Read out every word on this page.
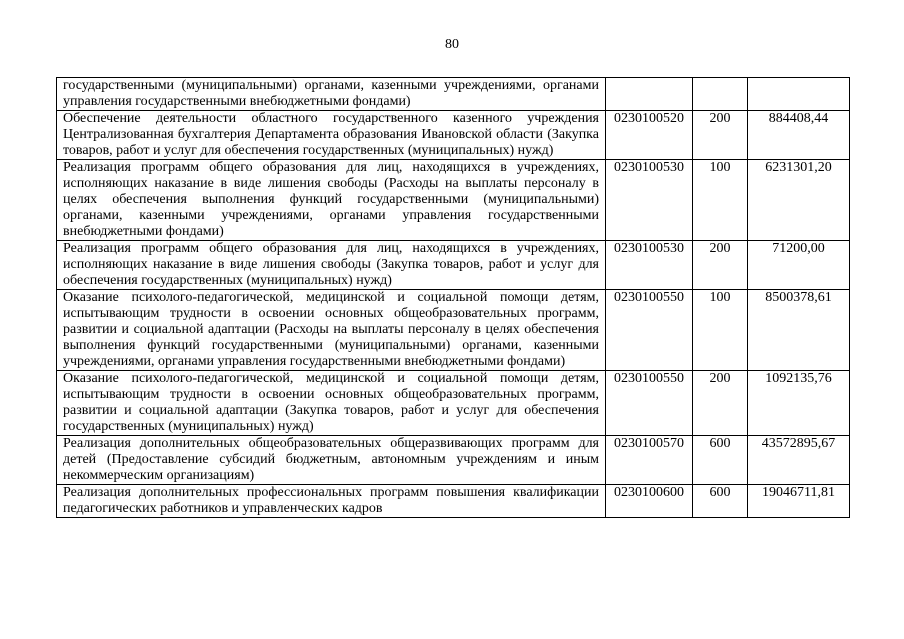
80
государственными (муниципальными) органами, казенными учреждениями, органами управления государственными внебюджетными фондами)			
Обеспечение деятельности областного государственного казенного учреждения Централизованная бухгалтерия Департамента образования Ивановской области (Закупка товаров, работ и услуг для обеспечения государственных (муниципальных) нужд)	0230100520	200	884408,44
Реализация программ общего образования для лиц, находящихся в учреждениях, исполняющих наказание в виде лишения свободы (Расходы на выплаты персоналу в целях обеспечения выполнения функций государственными (муниципальными) органами, казенными учреждениями, органами управления государственными внебюджетными фондами)	0230100530	100	6231301,20
Реализация программ общего образования для лиц, находящихся в учреждениях, исполняющих наказание в виде лишения свободы (Закупка товаров, работ и услуг для обеспечения государственных (муниципальных) нужд)	0230100530	200	71200,00
Оказание психолого-педагогической, медицинской и социальной помощи детям, испытывающим трудности в освоении основных общеобразовательных программ, развитии и социальной адаптации (Расходы на выплаты персоналу в целях обеспечения выполнения функций государственными (муниципальными) органами, казенными учреждениями, органами управления государственными внебюджетными фондами)	0230100550	100	8500378,61
Оказание психолого-педагогической, медицинской и социальной помощи детям, испытывающим трудности в освоении основных общеобразовательных программ, развитии и социальной адаптации (Закупка товаров, работ и услуг для обеспечения государственных (муниципальных) нужд)	0230100550	200	1092135,76
Реализация дополнительных общеобразовательных общеразвивающих программ для детей (Предоставление субсидий бюджетным, автономным учреждениям и иным некоммерческим организациям)	0230100570	600	43572895,67
Реализация дополнительных профессиональных программ повышения квалификации педагогических работников и управленческих кадров	0230100600	600	19046711,81
